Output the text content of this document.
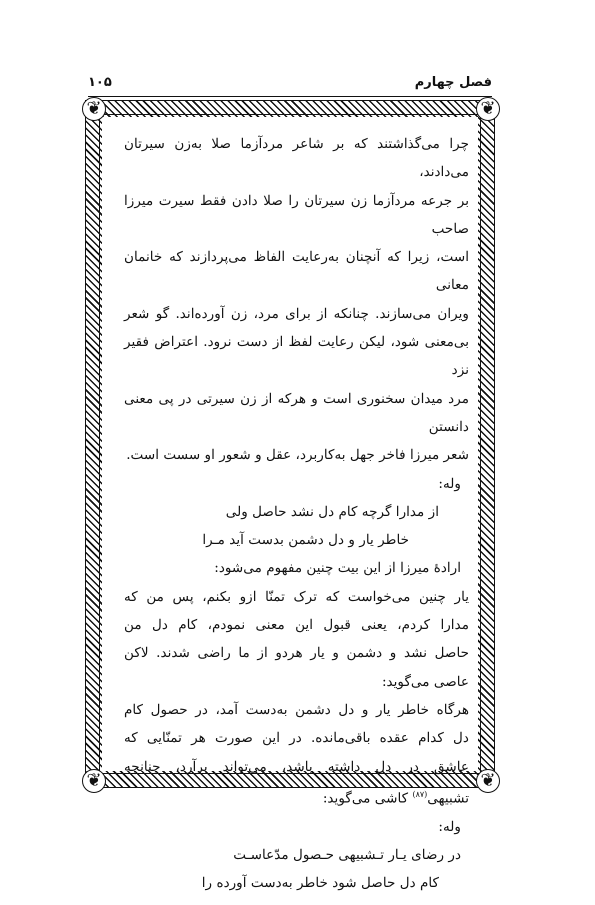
۱۰۵	فصل چهارم
❦	❦
❦	❦
چرا می‌گذاشتند که بر شاعر مردآزما صلا به‌زن سیرتان می‌دادند،
بر جرعه مردآزما زن سیرتان را صلا دادن فقط سیرت میرزا صاحب
است، زیرا که آنچنان به‌رعایت الفاظ می‌پردازند که خانمان معانی
ویران می‌سازند. چنانکه از برای مرد، زن آورده‌اند. گو شعر
بی‌معنی شود، لیکن رعایت لفظ از دست نرود. اعتراض فقیر نزد
مرد میدان سخنوری است و هرکه از زن سیرتی در پی معنی دانستن
شعر میرزا فاخر جهل به‌کاربرد، عقل و شعور او سست است.
وله:
از مدارا گرچه کام دل نشد حاصل ولی
خاطر یار و دل دشمن بدست آید مـرا
ارادهٔ میرزا از این بیت چنین مفهوم می‌شود:
یار چنین می‌خواست که ترک تمنّا ازو بکنم، پس من که
مدارا کردم، یعنی قبول این معنی نمودم، کام دل من
حاصل نشد و دشمن و یار هردو از ما راضی شدند. لاکن
عاصی می‌گوید:
هرگاه خاطر یار و دل دشمن به‌دست آمد، در حصول کام
دل کدام عقده باقی‌مانده. در این صورت هر تمنّایی که
عاشق در دل داشته باشد، می‌تواند برآرد، چنانچه
تشبیهی$^{(۸۷)}$ کاشی می‌گوید:
وله:
در رضای یـار تـشبیهی حـصول مدّعاسـت
کام دل حاصل شود خاطر به‌دست آورده را
